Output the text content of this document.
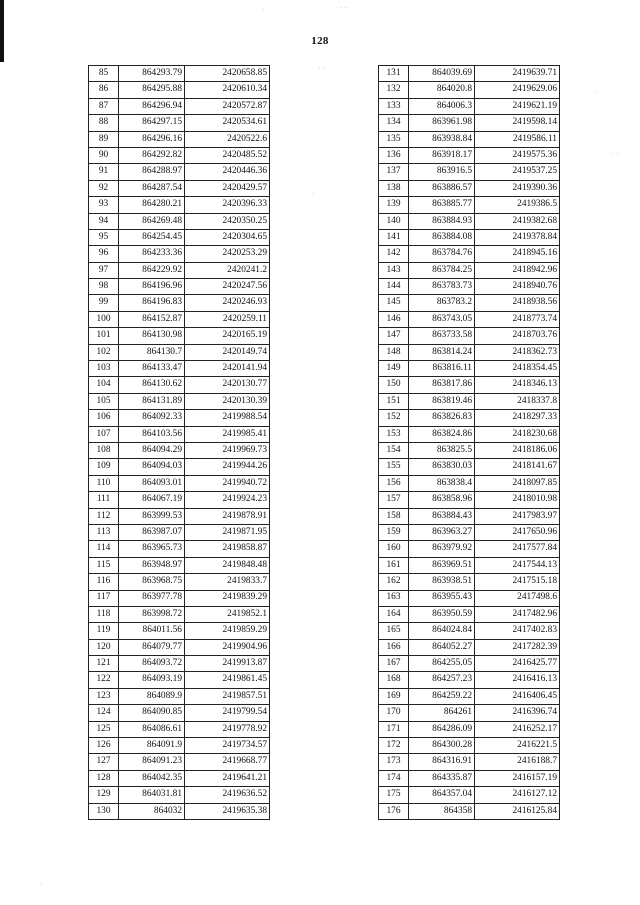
128
85	864293.79	2420658.85
86	864295.88	2420610.34
87	864296.94	2420572.87
88	864297.15	2420534.61
89	864296.16	2420522.6
90	864292.82	2420485.52
91	864288.97	2420446.36
92	864287.54	2420429.57
93	864280.21	2420396.33
94	864269.48	2420350.25
95	864254.45	2420304.65
96	864233.36	2420253.29
97	864229.92	2420241.2
98	864196.96	2420247.56
99	864196.83	2420246.93
100	864152.87	2420259.11
101	864130.98	2420165.19
102	864130.7	2420149.74
103	864133.47	2420141.94
104	864130.62	2420130.77
105	864131.89	2420130.39
106	864092.33	2419988.54
107	864103.56	2419985.41
108	864094.29	2419969.73
109	864094.03	2419944.26
110	864093.01	2419940.72
111	864067.19	2419924.23
112	863999.53	2419878.91
113	863987.07	2419871.95
114	863965.73	2419858.87
115	863948.97	2419848.48
116	863968.75	2419833.7
117	863977.78	2419839.29
118	863998.72	2419852.1
119	864011.56	2419859.29
120	864079.77	2419904.96
121	864093.72	2419913.87
122	864093.19	2419861.45
123	864089.9	2419857.51
124	864090.85	2419799.54
125	864086.61	2419778.92
126	864091.9	2419734.57
127	864091.23	2419668.77
128	864042.35	2419641.21
129	864031.81	2419636.52
130	864032	2419635.38
131	864039.69	2419639.71
132	864020.8	2419629.06
133	864006.3	2419621.19
134	863961.98	2419598.14
135	863938.84	2419586.11
136	863918.17	2419575.36
137	863916.5	2419537.25
138	863886.57	2419390.36
139	863885.77	2419386.5
140	863884.93	2419382.68
141	863884.08	2419378.84
142	863784.76	2418945.16
143	863784.25	2418942.96
144	863783.73	2418940.76
145	863783.2	2418938.56
146	863743.05	2418773.74
147	863733.58	2418703.76
148	863814.24	2418362.73
149	863816.11	2418354.45
150	863817.86	2418346.13
151	863819.46	2418337.8
152	863826.83	2418297.33
153	863824.86	2418230.68
154	863825.5	2418186.06
155	863830.03	2418141.67
156	863838.4	2418097.85
157	863858.96	2418010.98
158	863884.43	2417983.97
159	863963.27	2417650.96
160	863979.92	2417577.84
161	863969.51	2417544.13
162	863938.51	2417515.18
163	863955.43	2417498.6
164	863950.59	2417482.96
165	864024.84	2417402.83
166	864052.27	2417282.39
167	864255.05	2416425.77
168	864257.23	2416416.13
169	864259.22	2416406.45
170	864261	2416396.74
171	864286.09	2416252.17
172	864300.28	2416221.5
173	864316.91	2416188.7
174	864335.87	2416157.19
175	864357.04	2416127.12
176	864358	2416125.84
·	· ·
· ·
·
· ·
·
·
